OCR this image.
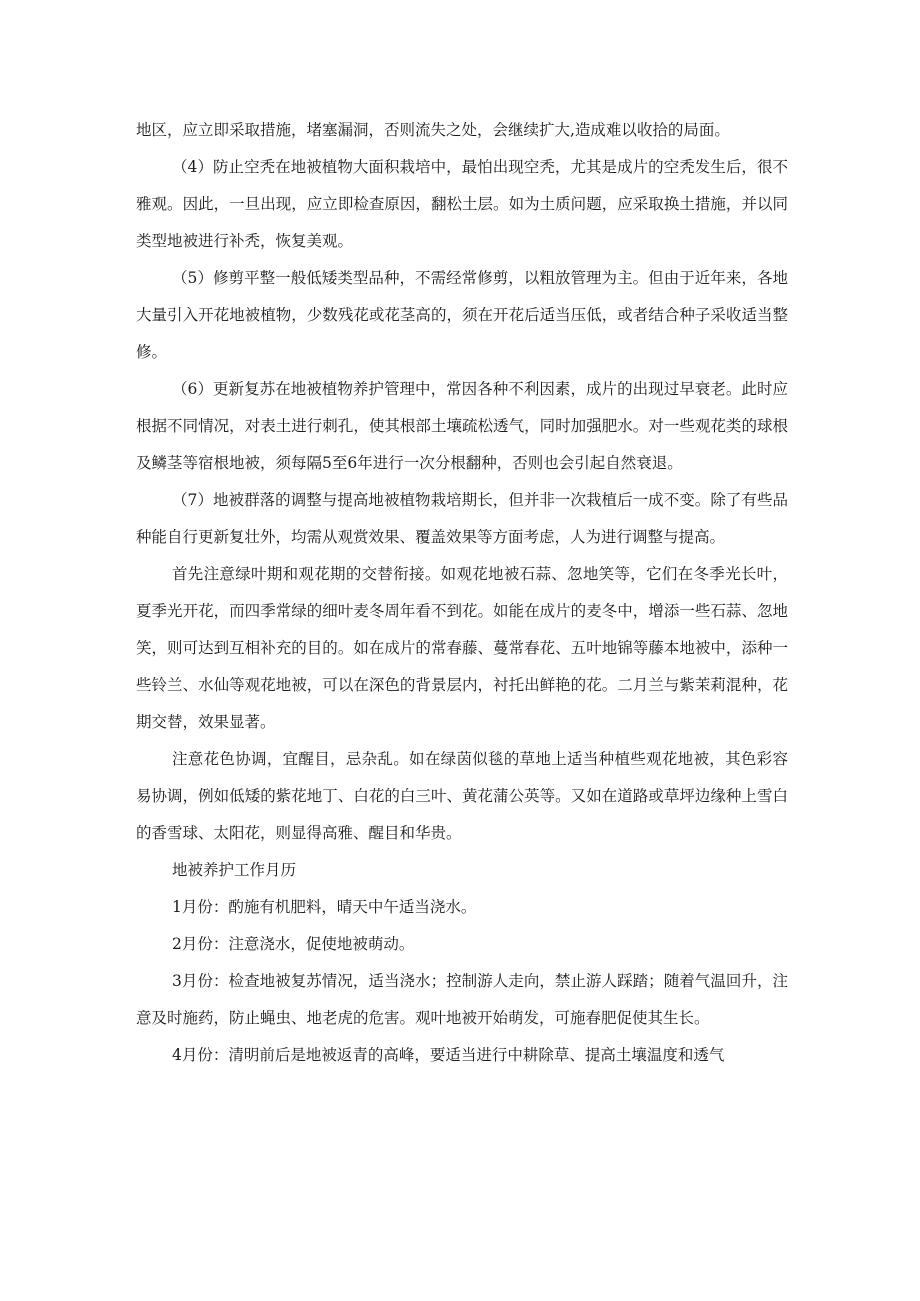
地区，应立即采取措施，堵塞漏洞，否则流失之处，会继续扩大,造成难以收拾的局面。

（4）防止空秃在地被植物大面积栽培中，最怕出现空秃，尤其是成片的空秃发生后，很不雅观。因此，一旦出现，应立即检查原因，翻松土层。如为土质问题，应采取换土措施，并以同类型地被进行补秃，恢复美观。

（5）修剪平整一般低矮类型品种，不需经常修剪，以粗放管理为主。但由于近年来，各地大量引入开花地被植物，少数残花或花茎高的，须在开花后适当压低，或者结合种子采收适当整修。

（6）更新复苏在地被植物养护管理中，常因各种不利因素，成片的出现过早衰老。此时应根据不同情况，对表土进行刺孔，使其根部土壤疏松透气，同时加强肥水。对一些观花类的球根及鳞茎等宿根地被，须每隔5至6年进行一次分根翻种，否则也会引起自然衰退。

（7）地被群落的调整与提高地被植物栽培期长，但并非一次栽植后一成不变。除了有些品种能自行更新复壮外，均需从观赏效果、覆盖效果等方面考虑，人为进行调整与提高。

首先注意绿叶期和观花期的交替衔接。如观花地被石蒜、忽地笑等，它们在冬季光长叶，夏季光开花，而四季常绿的细叶麦冬周年看不到花。如能在成片的麦冬中，增添一些石蒜、忽地笑，则可达到互相补充的目的。如在成片的常春藤、蔓常春花、五叶地锦等藤本地被中，添种一些铃兰、水仙等观花地被，可以在深色的背景层内，衬托出鲜艳的花。二月兰与紫茉莉混种，花期交替，效果显著。

注意花色协调，宜醒目，忌杂乱。如在绿茵似毯的草地上适当种植些观花地被，其色彩容易协调，例如低矮的紫花地丁、白花的白三叶、黄花蒲公英等。又如在道路或草坪边缘种上雪白的香雪球、太阳花，则显得高雅、醒目和华贵。

地被养护工作月历

1月份：酌施有机肥料，晴天中午适当浇水。

2月份：注意浇水，促使地被萌动。

3月份：检查地被复苏情况，适当浇水；控制游人走向，禁止游人踩踏；随着气温回升，注意及时施药，防止蝇虫、地老虎的危害。观叶地被开始萌发，可施春肥促使其生长。

4月份：清明前后是地被返青的高峰，要适当进行中耕除草、提高土壤温度和透气
